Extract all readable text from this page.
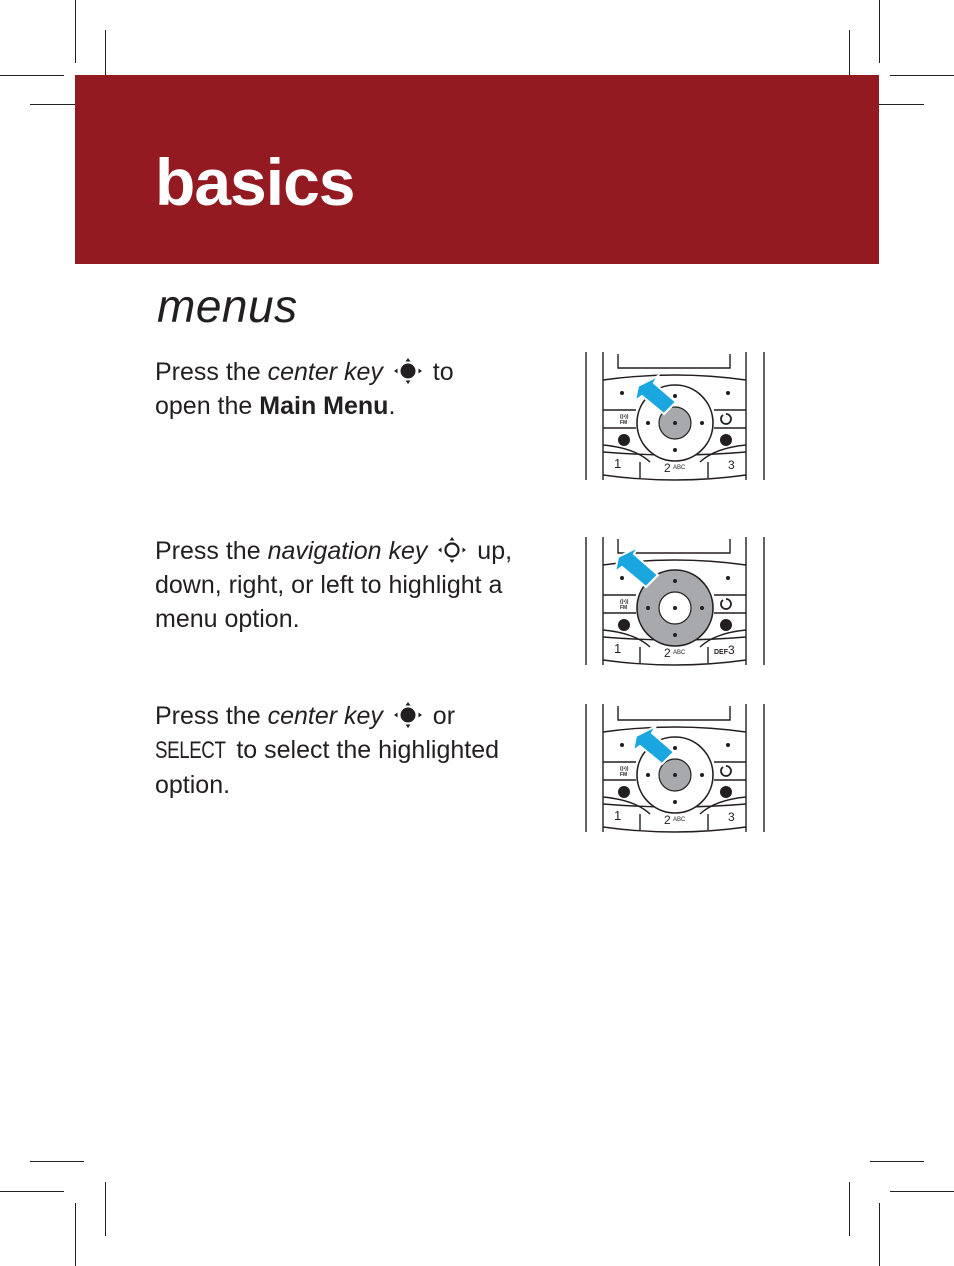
basics
menus

Press the center key  to open the Main Menu.

Press the navigation key  up, down, right, or left to highlight a menu option.

Press the center key  or SELECT to select the highlighted option.

((•))
FM
1	2 ABC	3
((•))
FM
1	2 ABC	DEF 3
((•))
FM
1	2 ABC	3
